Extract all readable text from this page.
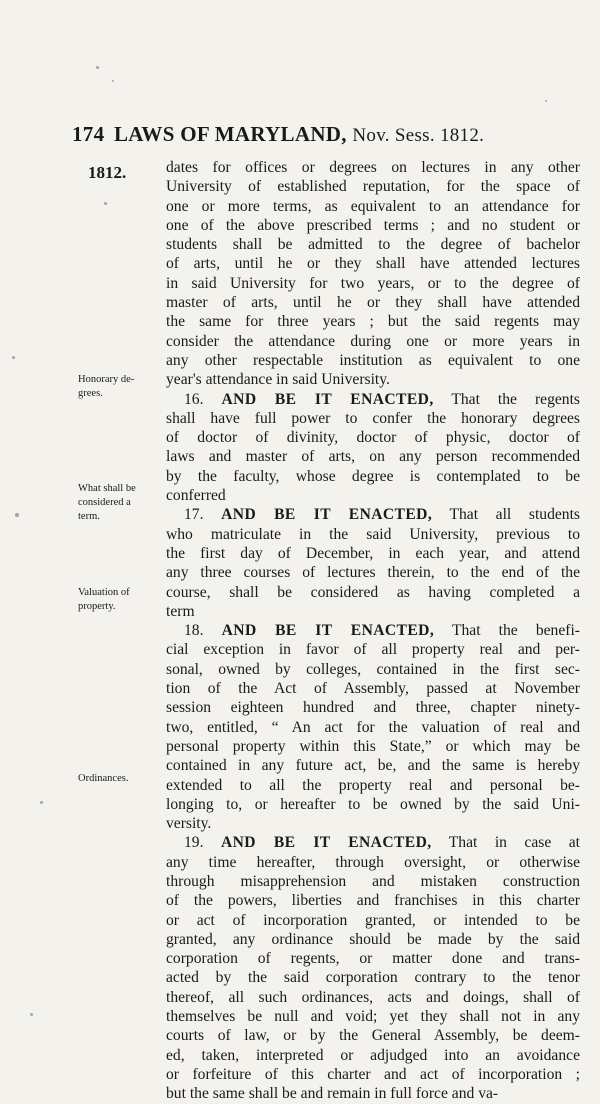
174 LAWS OF MARYLAND, Nov. Sess. 1812.
1812.	dates for offices or degrees on lectures in any other
University of established reputation, for the space of
one or more terms, as equivalent to an attendance for
one of the above prescribed terms ; and no student or
students shall be admitted to the degree of bachelor
of arts, until he or they shall have attended lectures
in said University for two years, or to the degree of
master of arts, until he or they shall have attended
the same for three years ; but the said regents may
consider the attendance during one or more years in
any other respectable institution as equivalent to one
year's attendance in said University.
16. AND BE IT ENACTED, That the regents
shall have full power to confer the honorary degrees
of doctor of divinity, doctor of physic, doctor of
laws and master of arts, on any person recommended
by the faculty, whose degree is contemplated to be
conferred
17. AND BE IT ENACTED, That all students
who matriculate in the said University, previous to
the first day of December, in each year, and attend
any three courses of lectures therein, to the end of the
course, shall be considered as having completed a
term
18. AND BE IT ENACTED, That the benefi-
cial exception in favor of all property real and per-
sonal, owned by colleges, contained in the first sec-
tion of the Act of Assembly, passed at November
session eighteen hundred and three, chapter ninety-
two, entitled, “ An act for the valuation of real and
personal property within this State,” or which may be
contained in any future act, be, and the same is hereby
extended to all the property real and personal be-
longing to, or hereafter to be owned by the said Uni-
versity.
19. AND BE IT ENACTED, That in case at
any time hereafter, through oversight, or otherwise
through misapprehension and mistaken construction
of the powers, liberties and franchises in this charter
or act of incorporation granted, or intended to be
granted, any ordinance should be made by the said
corporation of regents, or matter done and trans-
acted by the said corporation contrary to the tenor
thereof, all such ordinances, acts and doings, shall of
themselves be null and void; yet they shall not in any
courts of law, or by the General Assembly, be deem-
ed, taken, interpreted or adjudged into an avoidance
or forfeiture of this charter and act of incorporation ;
but the same shall be and remain in full force and va-
Honorary de-
grees.
What shall be
considered a
term.
Valuation of
property.
Ordinances.
